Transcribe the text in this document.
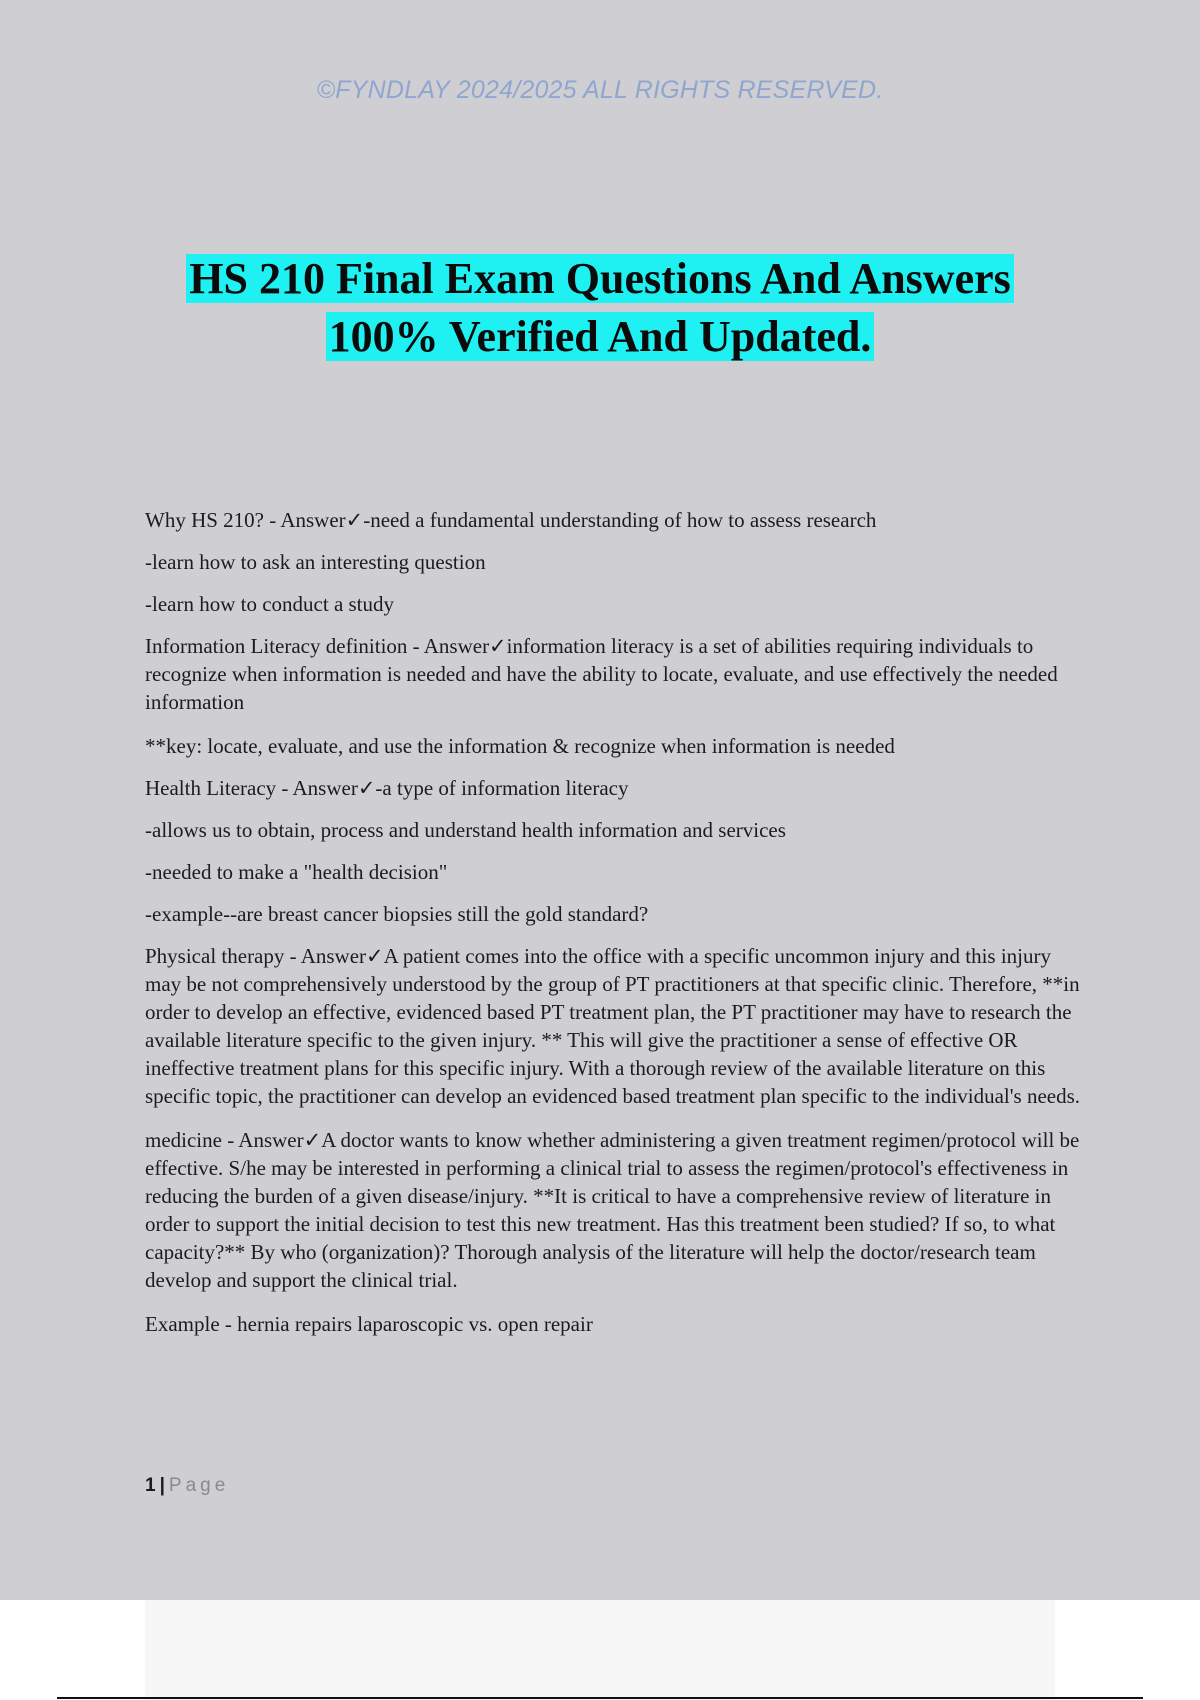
©FYNDLAY 2024/2025 ALL RIGHTS RESERVED.
HS 210 Final Exam Questions And Answers
100% Verified And Updated.

Why HS 210? - Answer✓-need a fundamental understanding of how to assess research

-learn how to ask an interesting question

-learn how to conduct a study

Information Literacy definition - Answer✓information literacy is a set of abilities requiring individuals to recognize when information is needed and have the ability to locate, evaluate, and use effectively the needed information

**key: locate, evaluate, and use the information & recognize when information is needed

Health Literacy - Answer✓-a type of information literacy

-allows us to obtain, process and understand health information and services

-needed to make a "health decision"

-example--are breast cancer biopsies still the gold standard?

Physical therapy - Answer✓A patient comes into the office with a specific uncommon injury and this injury may be not comprehensively understood by the group of PT practitioners at that specific clinic. Therefore, **in order to develop an effective, evidenced based PT treatment plan, the PT practitioner may have to research the available literature specific to the given injury. ** This will give the practitioner a sense of effective OR ineffective treatment plans for this specific injury. With a thorough review of the available literature on this specific topic, the practitioner can develop an evidenced based treatment plan specific to the individual's needs.

medicine - Answer✓A doctor wants to know whether administering a given treatment regimen/protocol will be effective. S/he may be interested in performing a clinical trial to assess the regimen/protocol's effectiveness in reducing the burden of a given disease/injury. **It is critical to have a comprehensive review of literature in order to support the initial decision to test this new treatment. Has this treatment been studied? If so, to what capacity?** By who (organization)? Thorough analysis of the literature will help the doctor/research team develop and support the clinical trial.

Example - hernia repairs laparoscopic vs. open repair

1 | Page
